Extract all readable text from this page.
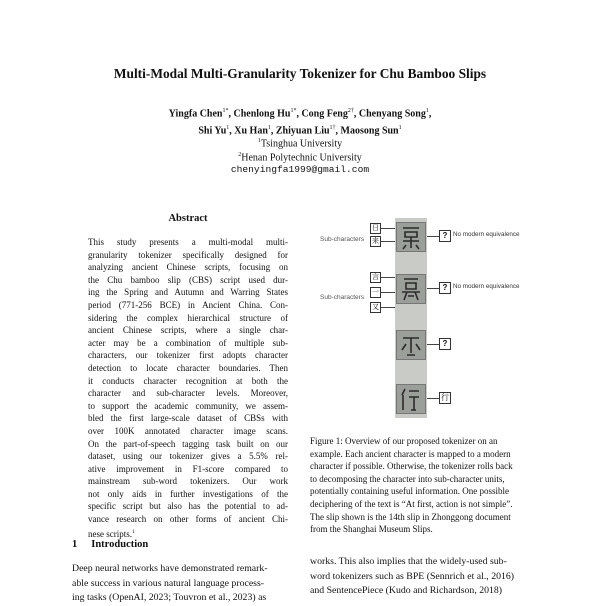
Multi-Modal Multi-Granularity Tokenizer for Chu Bamboo Slips
Yingfa Chen$^{1*}$, Chenlong $Hu^{1*}$, Cong Feng$^{2\dagger}$, Chenyang Song$^1$,
Shi Yu$^1$, Xu Han$^1$, Zhiyuan Liu$^{1\dagger}$, Maosong Sun$^1$
$^1$Tsinghua University
$^2$Henan Polytechnic University
chenyingfa1999@gmail.com
Abstract
This study presents a multi-modal multi-
granularity tokenizer specifically designed for
analyzing ancient Chinese scripts, focusing on
the Chu bamboo slip (CBS) script used dur-
ing the Spring and Autumn and Warring States
period (771-256 BCE) in Ancient China. Con-
sidering the complex hierarchical structure of
ancient Chinese scripts, where a single char-
acter may be a combination of multiple sub-
characters, our tokenizer first adopts character
detection to locate character boundaries. Then
it conducts character recognition at both the
character and sub-character levels. Moreover,
to support the academic community, we assem-
bled the first large-scale dataset of CBSs with
over 100K annotated character image scans.
On the part-of-speech tagging task built on our
dataset, using our tokenizer gives a 5.5% rel-
ative improvement in F1-score compared to
mainstream sub-word tokenizers. Our work
not only aids in further investigations of the
specific script but also has the potential to ad-
vance research on other forms of ancient Chi-
nese scripts.$^1$
1 Introduction
Deep neural networks have demonstrated remark-
able success in various natural language process-
ing tasks (OpenAI, 2023; Touvron et al., 2023) as
Sub-characters
日
来
Sub-characters
言
一
又
? No modern equivalence
? No modern equivalence
?
行
Figure 1: Overview of our proposed tokenizer on an
example. Each ancient character is mapped to a modern
character if possible. Otherwise, the tokenizer rolls back
to decomposing the character into sub-character units,
potentially containing useful information. One possible
deciphering of the text is “At first, action is not simple”.
The slip shown is the 14th slip in Zhonggong document
from the Shanghai Museum Slips.
works. This also implies that the widely-used sub-
word tokenizers such as BPE (Sennrich et al., 2016)
and SentencePiece (Kudo and Richardson, 2018)
